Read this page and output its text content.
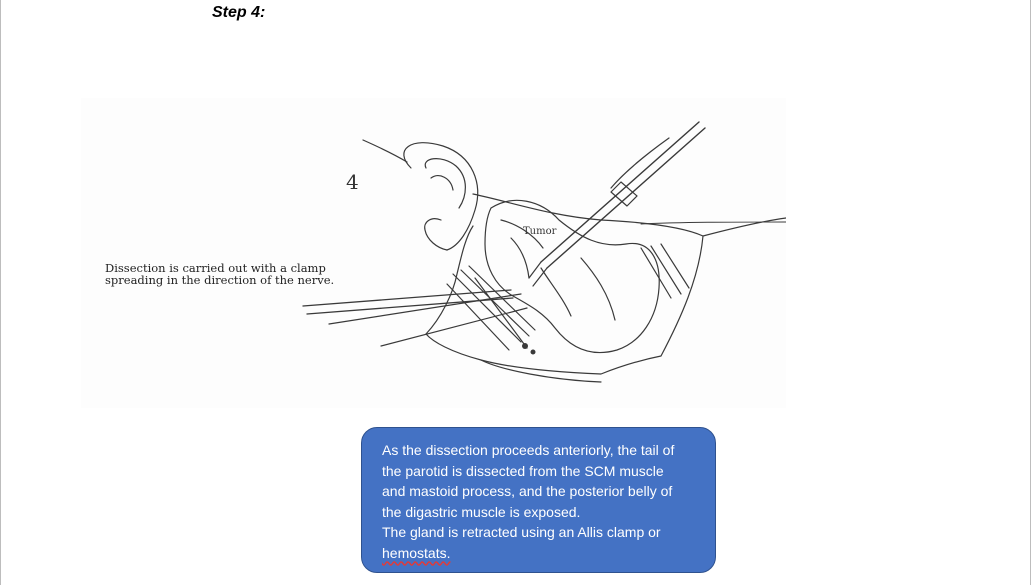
Step 4:
4
Dissection is carried out with a clamp
spreading in the direction of the nerve.
Tumor
As the dissection proceeds anteriorly, the tail of
the parotid is dissected from the SCM muscle
and mastoid process, and the posterior belly of
the digastric muscle is exposed.
The gland is retracted using an Allis clamp or
hemostats.
